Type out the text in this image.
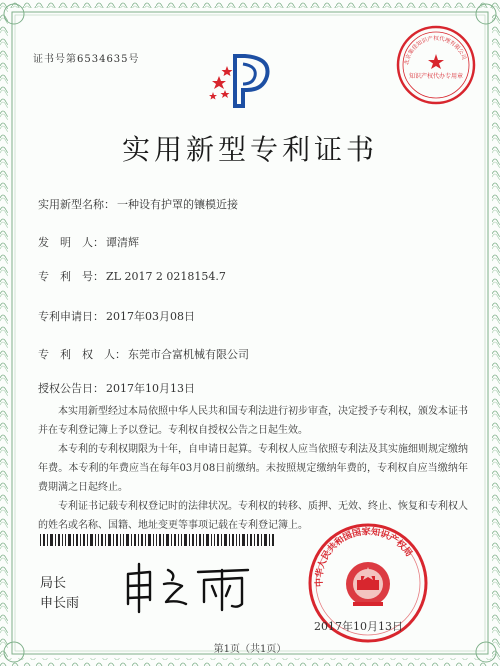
证书号第6534635号	北京集佳知识产权代理有限公司
知识产权代办专用章
实用新型专利证书
实用新型名称： 一种设有护罩的镶模近接
发　明　人： 谭清辉
专　利　号： ZL 2017 2 0218154.7
专利申请日： 2017年03月08日
专　利　权　人： 东莞市合富机械有限公司
授权公告日： 2017年10月13日

本实用新型经过本局依照中华人民共和国专利法进行初步审查，决定授予专利权，颁发本证书并在专利登记簿上予以登记。专利权自授权公告之日起生效。

本专利的专利权期限为十年，自申请日起算。专利权人应当依照专利法及其实施细则规定缴纳年费。本专利的年费应当在每年03月08日前缴纳。未按照规定缴纳年费的，专利权自应当缴纳年费期满之日起终止。

专利证书记载专利权登记时的法律状况。专利权的转移、质押、无效、终止、恢复和专利权人的姓名或名称、国籍、地址变更等事项记载在专利登记簿上。

局长
申长雨
中华人民共和国国家知识产权局
2017年10月13日
第1页（共1页）
